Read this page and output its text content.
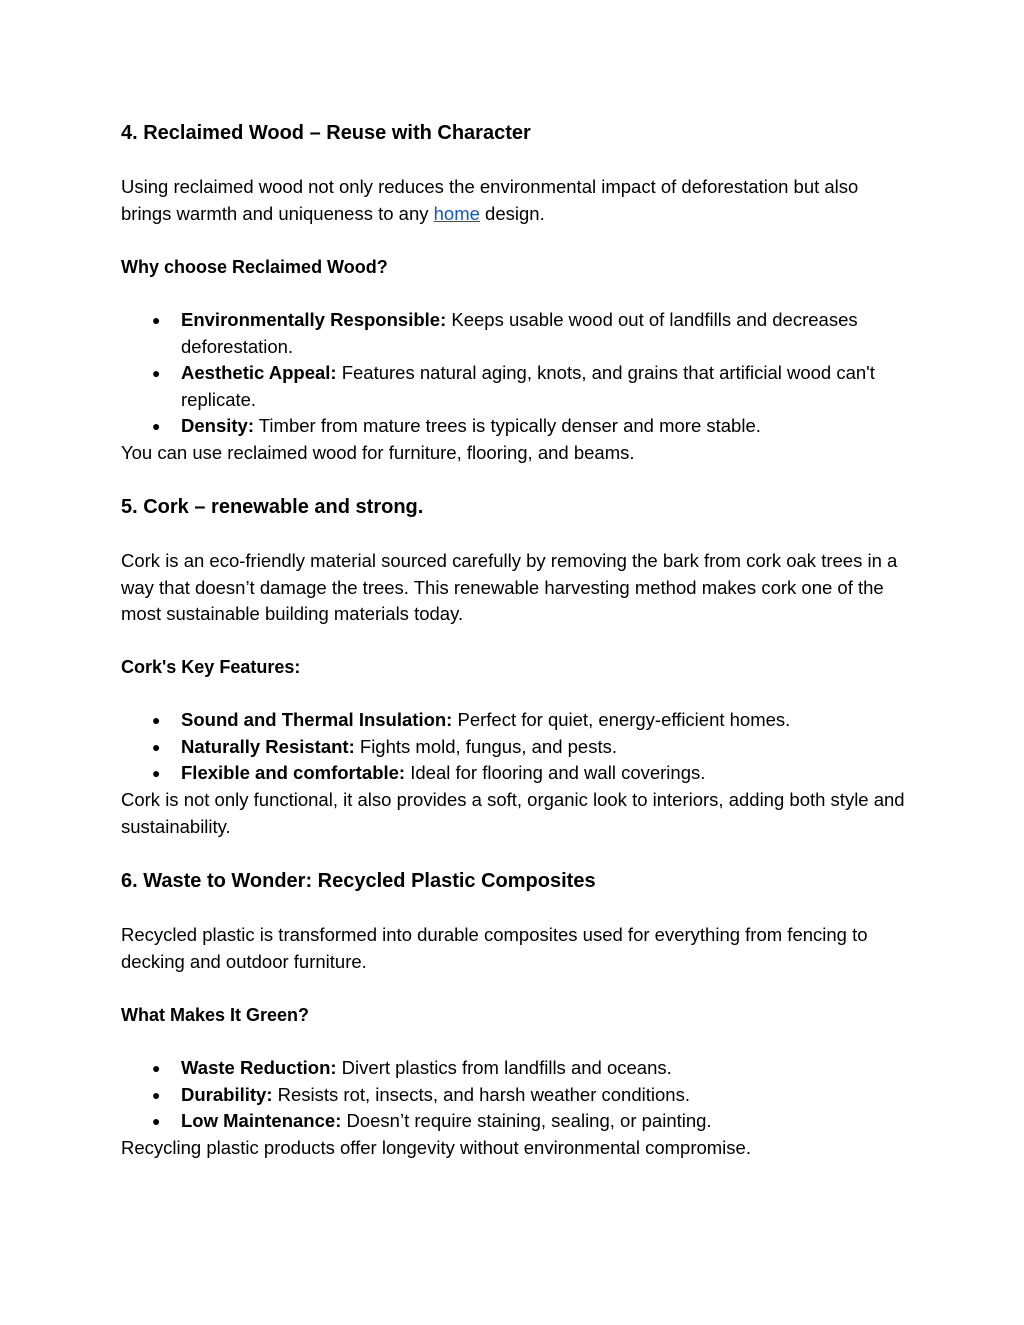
4. Reclaimed Wood – Reuse with Character

Using reclaimed wood not only reduces the environmental impact of deforestation but also brings warmth and uniqueness to any home design.

Why choose Reclaimed Wood?

● Environmentally Responsible: Keeps usable wood out of landfills and decreases deforestation.
● Aesthetic Appeal: Features natural aging, knots, and grains that artificial wood can't replicate.
● Density: Timber from mature trees is typically denser and more stable.

You can use reclaimed wood for furniture, flooring, and beams.

5. Cork – renewable and strong.

Cork is an eco-friendly material sourced carefully by removing the bark from cork oak trees in a way that doesn’t damage the trees. This renewable harvesting method makes cork one of the most sustainable building materials today.

Cork's Key Features:

● Sound and Thermal Insulation: Perfect for quiet, energy-efficient homes.
● Naturally Resistant: Fights mold, fungus, and pests.
● Flexible and comfortable: Ideal for flooring and wall coverings.

Cork is not only functional, it also provides a soft, organic look to interiors, adding both style and sustainability.

6. Waste to Wonder: Recycled Plastic Composites

Recycled plastic is transformed into durable composites used for everything from fencing to decking and outdoor furniture.

What Makes It Green?

● Waste Reduction: Divert plastics from landfills and oceans.
● Durability: Resists rot, insects, and harsh weather conditions.
● Low Maintenance: Doesn’t require staining, sealing, or painting.

Recycling plastic products offer longevity without environmental compromise.
